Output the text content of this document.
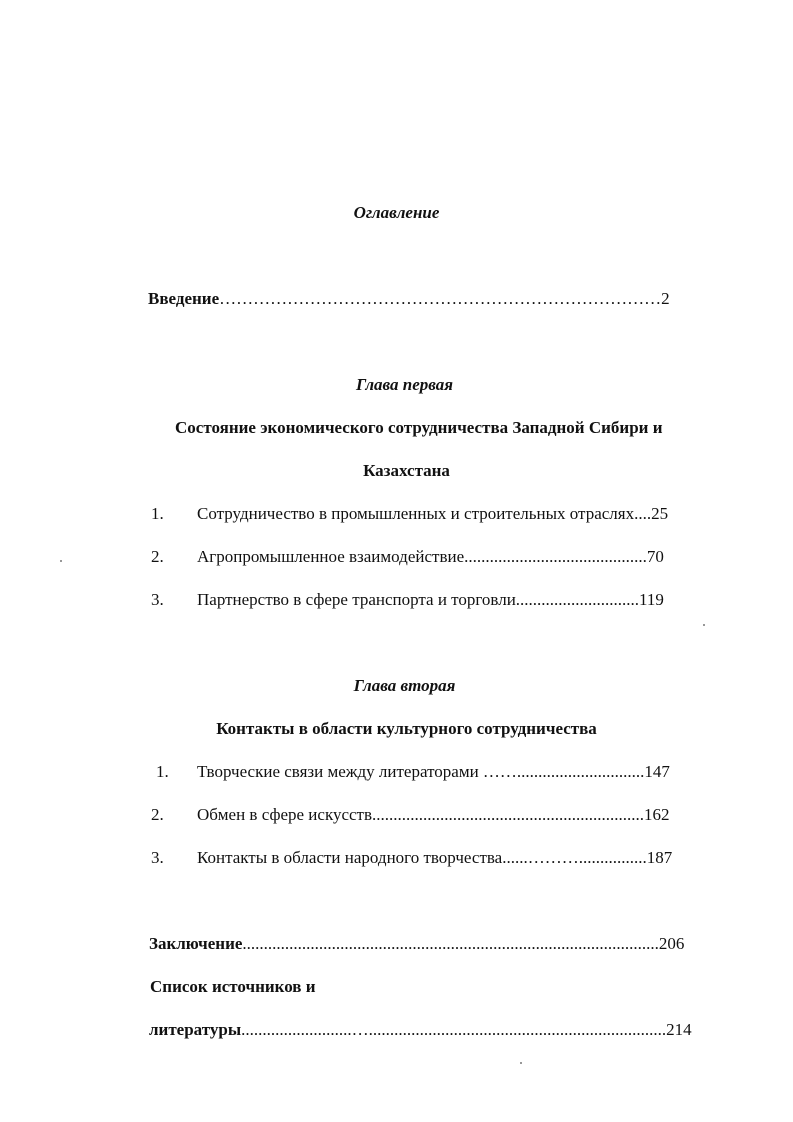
Оглавление
Введение……………………………………………………………………2
Глава первая
Состояние экономического сотрудничества Западной Сибири и
Казахстана
1. Сотрудничество в промышленных и строительных отраслях....25
2. Агропромышленное взаимодействие...........................................70
3. Партнерство в сфере транспорта и торговли.............................119
Глава вторая
Контакты в области культурного сотрудничества
1. Творческие связи между литераторами ……..............................147
2. Обмен в сфере искусств................................................................162
3. Контакты в области народного творчества......………................187
Заключение..................................................................................................206
Список источников и
литературы..........................…......................................................................214
